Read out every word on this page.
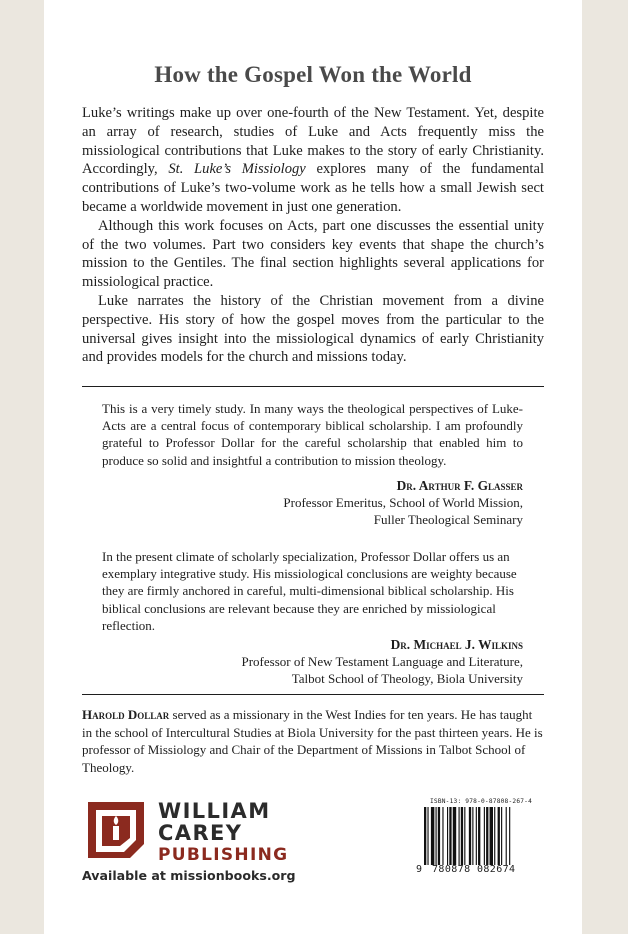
How the Gospel Won the World

Luke’s writings make up over one-fourth of the New Testament. Yet, despite an array of research, studies of Luke and Acts frequently miss the missiological contributions that Luke makes to the story of early Christianity. Accordingly, St. Luke’s Missiology explores many of the fundamental contributions of Luke’s two-volume work as he tells how a small Jewish sect became a worldwide movement in just one generation.

Although this work focuses on Acts, part one discusses the essential unity of the two volumes. Part two considers key events that shape the church’s mission to the Gentiles. The final section highlights several applications for missiological practice.

Luke narrates the history of the Christian movement from a divine perspective. His story of how the gospel moves from the particular to the universal gives insight into the missiological dynamics of early Christianity and provides models for the church and missions today.

This is a very timely study. In many ways the theological perspectives of Luke-Acts are a central focus of contemporary biblical scholarship. I am profoundly grateful to Professor Dollar for the careful scholarship that enabled him to produce so solid and insightful a contribution to mission theology.

Dr. Arthur F. Glasser
Professor Emeritus, School of World Mission,
Fuller Theological Seminary

In the present climate of scholarly specialization, Professor Dollar offers us an exemplary integrative study. His missiological conclusions are weighty because they are firmly anchored in careful, multi-dimensional biblical scholarship. His biblical conclusions are relevant because they are enriched by missiological reflection.

Dr. Michael J. Wilkins
Professor of New Testament Language and Literature,
Talbot School of Theology, Biola University

Harold Dollar served as a missionary in the West Indies for ten years. He has taught in the school of Intercultural Studies at Biola University for the past thirteen years. He is professor of Missiology and Chair of the Department of Missions in Talbot School of Theology.

WILLIAM
CAREY
PUBLISHING
Available at missionbooks.org
ISBN-13: 978-0-87808-267-4
9 780878 082674
